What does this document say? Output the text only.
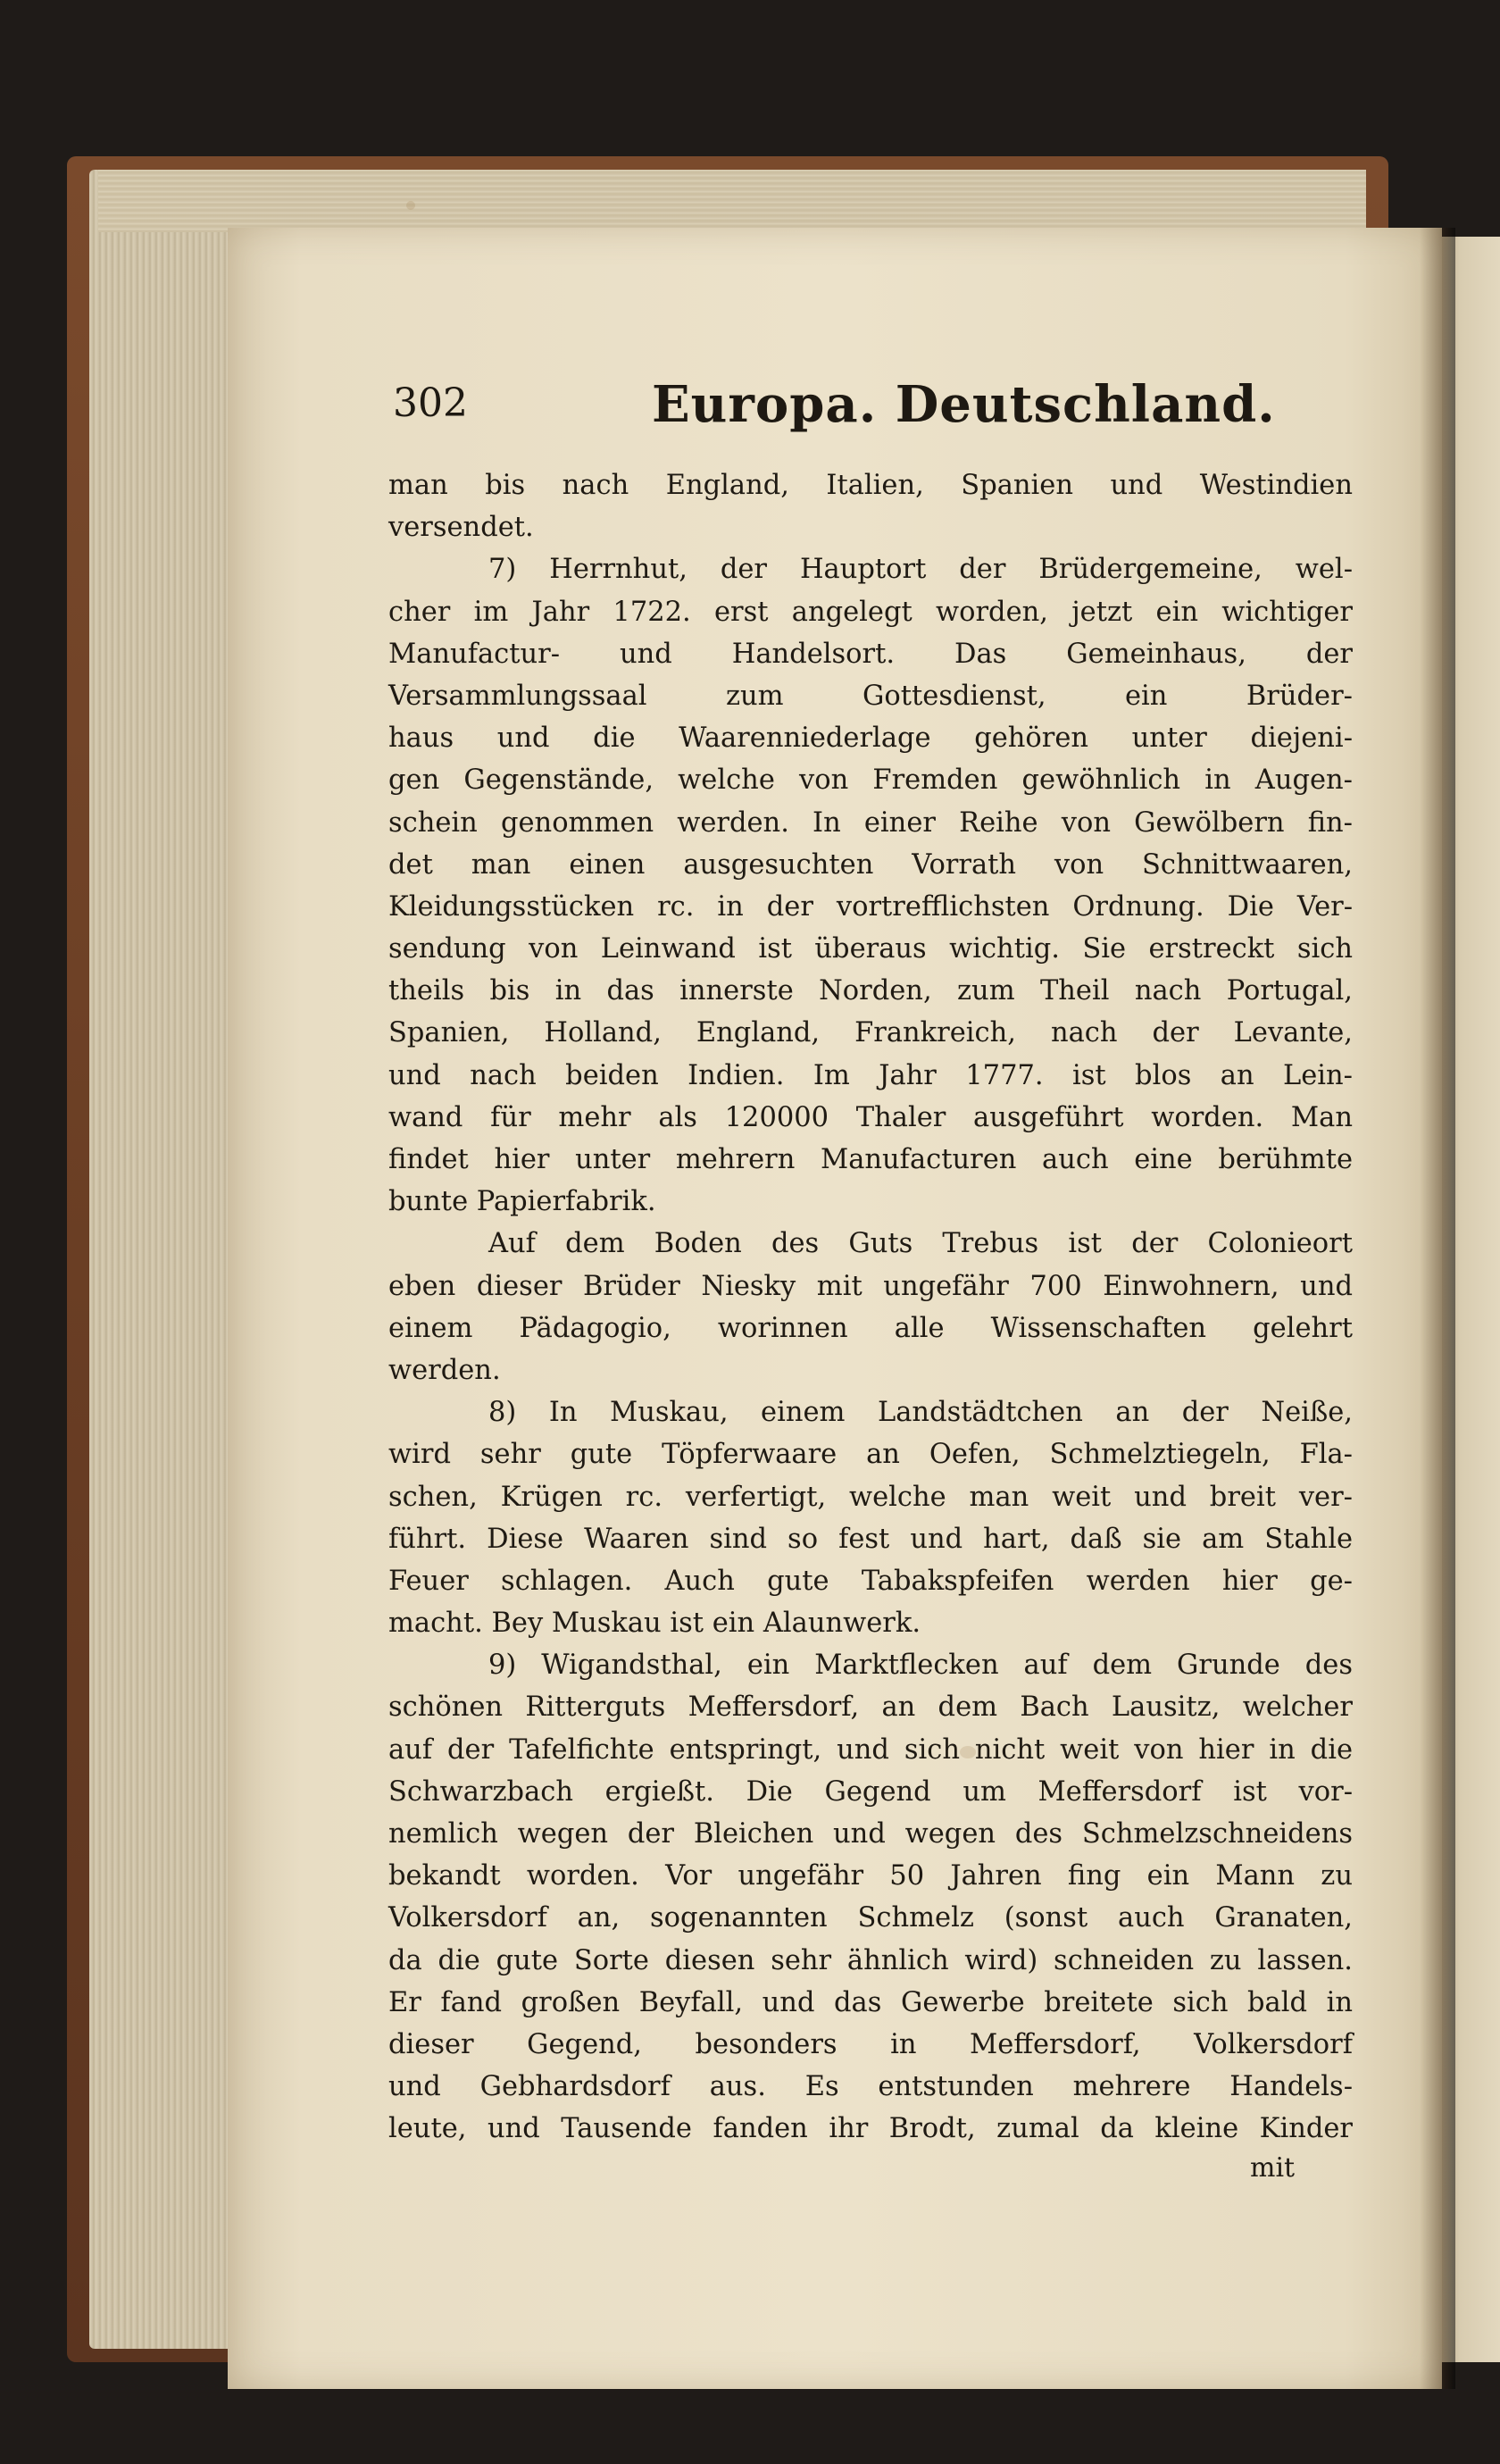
302	Europa. Deutschland.
man bis nach England, Italien, Spanien und Westindien
versendet.
7) Herrnhut, der Hauptort der Brüdergemeine, wel-
cher im Jahr 1722. erst angelegt worden, jetzt ein wichtiger
Manufactur- und Handelsort. Das Gemeinhaus, der
Versammlungssaal zum Gottesdienst, ein Brüder-
haus und die Waarenniederlage gehören unter diejeni-
gen Gegenstände, welche von Fremden gewöhnlich in Augen-
schein genommen werden. In einer Reihe von Gewölbern fin-
det man einen ausgesuchten Vorrath von Schnittwaaren,
Kleidungsstücken rc. in der vortrefflichsten Ordnung. Die Ver-
sendung von Leinwand ist überaus wichtig. Sie erstreckt sich
theils bis in das innerste Norden, zum Theil nach Portugal,
Spanien, Holland, England, Frankreich, nach der Levante,
und nach beiden Indien. Im Jahr 1777. ist blos an Lein-
wand für mehr als 120000 Thaler ausgeführt worden. Man
findet hier unter mehrern Manufacturen auch eine berühmte
bunte Papierfabrik.
Auf dem Boden des Guts Trebus ist der Colonieort
eben dieser Brüder Niesky mit ungefähr 700 Einwohnern, und
einem Pädagogio, worinnen alle Wissenschaften gelehrt
werden.
8) In Muskau, einem Landstädtchen an der Neiße,
wird sehr gute Töpferwaare an Oefen, Schmelztiegeln, Fla-
schen, Krügen rc. verfertigt, welche man weit und breit ver-
führt. Diese Waaren sind so fest und hart, daß sie am Stahle
Feuer schlagen. Auch gute Tabakspfeifen werden hier ge-
macht. Bey Muskau ist ein Alaunwerk.
9) Wigandsthal, ein Marktflecken auf dem Grunde des
schönen Ritterguts Meffersdorf, an dem Bach Lausitz, welcher
auf der Tafelfichte entspringt, und sich nicht weit von hier in die
Schwarzbach ergießt. Die Gegend um Meffersdorf ist vor-
nemlich wegen der Bleichen und wegen des Schmelzschneidens
bekandt worden. Vor ungefähr 50 Jahren fing ein Mann zu
Volkersdorf an, sogenannten Schmelz (sonst auch Granaten,
da die gute Sorte diesen sehr ähnlich wird) schneiden zu lassen.
Er fand großen Beyfall, und das Gewerbe breitete sich bald in
dieser Gegend, besonders in Meffersdorf, Volkersdorf
und Gebhardsdorf aus. Es entstunden mehrere Handels-
leute, und Tausende fanden ihr Brodt, zumal da kleine Kinder
mit
